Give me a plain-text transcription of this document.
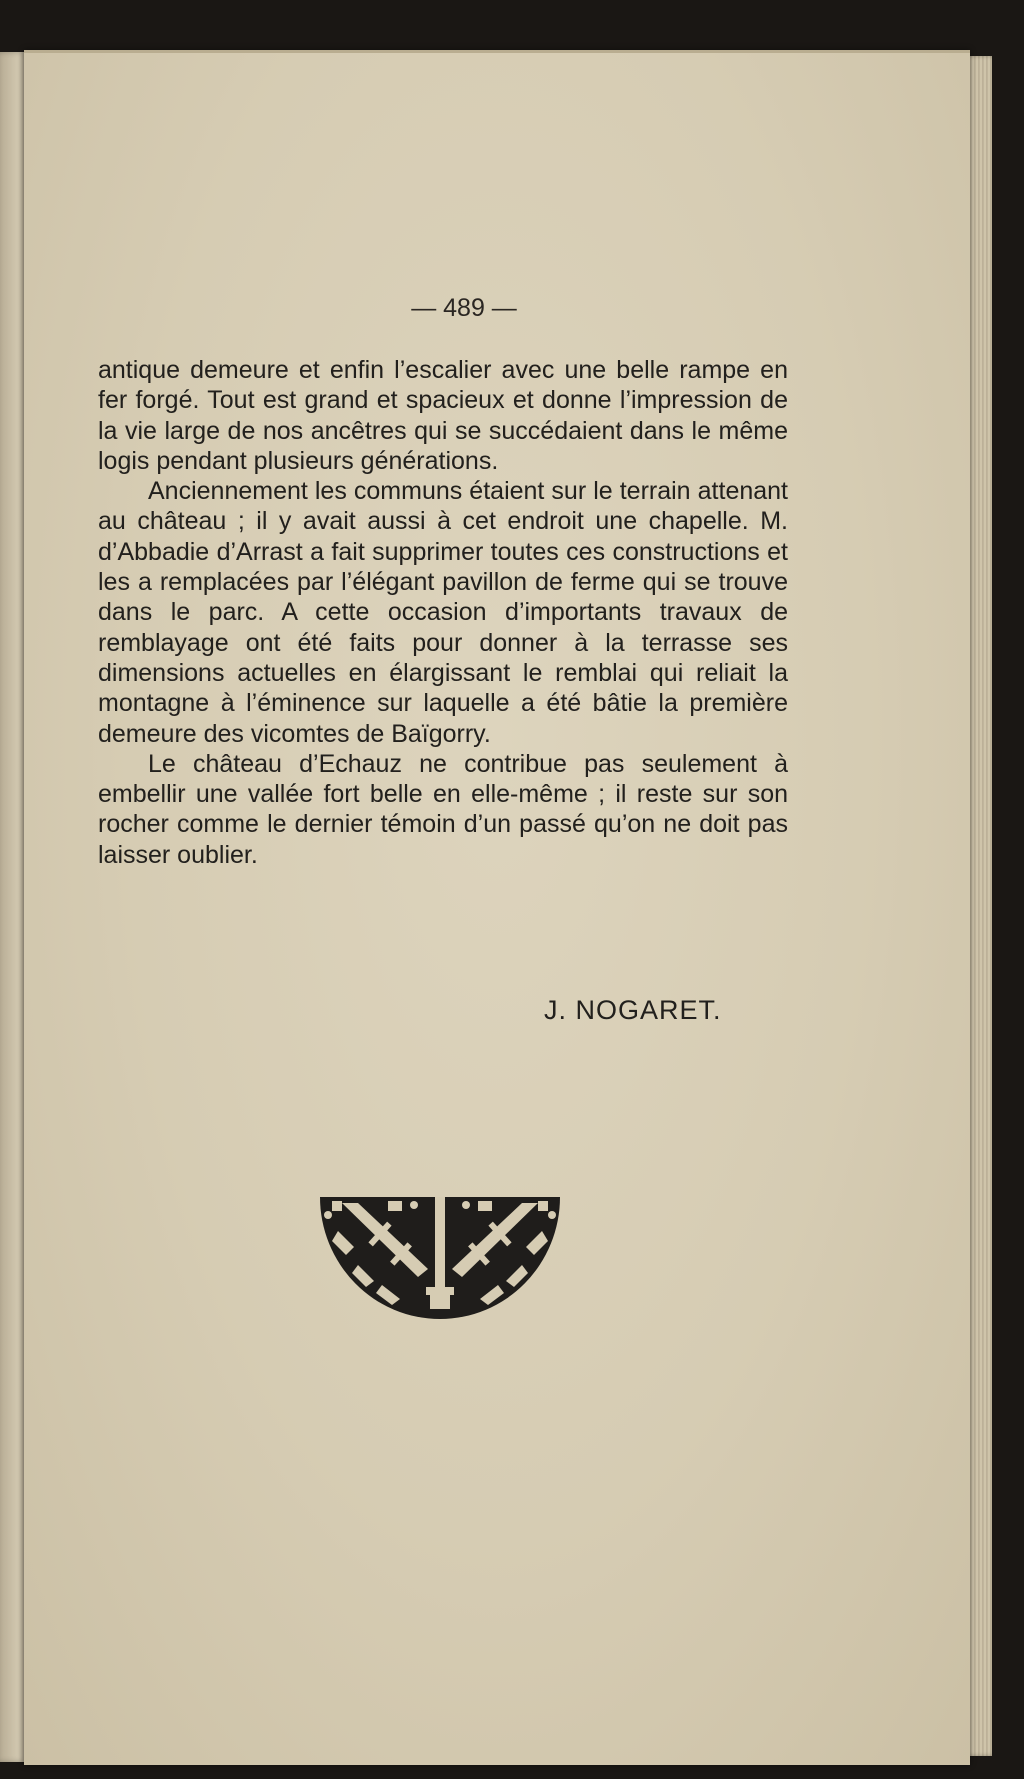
— 489 —

antique demeure et enfin l’escalier avec une belle rampe en fer forgé. Tout est grand et spacieux et donne l’impression de la vie large de nos ancêtres qui se succédaient dans le même logis pendant plusieurs générations.

Anciennement les communs étaient sur le terrain attenant au château ; il y avait aussi à cet endroit une chapelle. M. d’Abbadie d’Arrast a fait supprimer toutes ces constructions et les a remplacées par l’élégant pavillon de ferme qui se trouve dans le parc. A cette occasion d’importants travaux de remblayage ont été faits pour donner à la terrasse ses dimensions actuelles en élargissant le remblai qui reliait la montagne à l’éminence sur laquelle a été bâtie la première demeure des vicomtes de Baïgorry.

Le château d’Echauz ne contribue pas seulement à embellir une vallée fort belle en elle-même ; il reste sur son rocher comme le dernier témoin d’un passé qu’on ne doit pas laisser oublier.

J. NOGARET.
